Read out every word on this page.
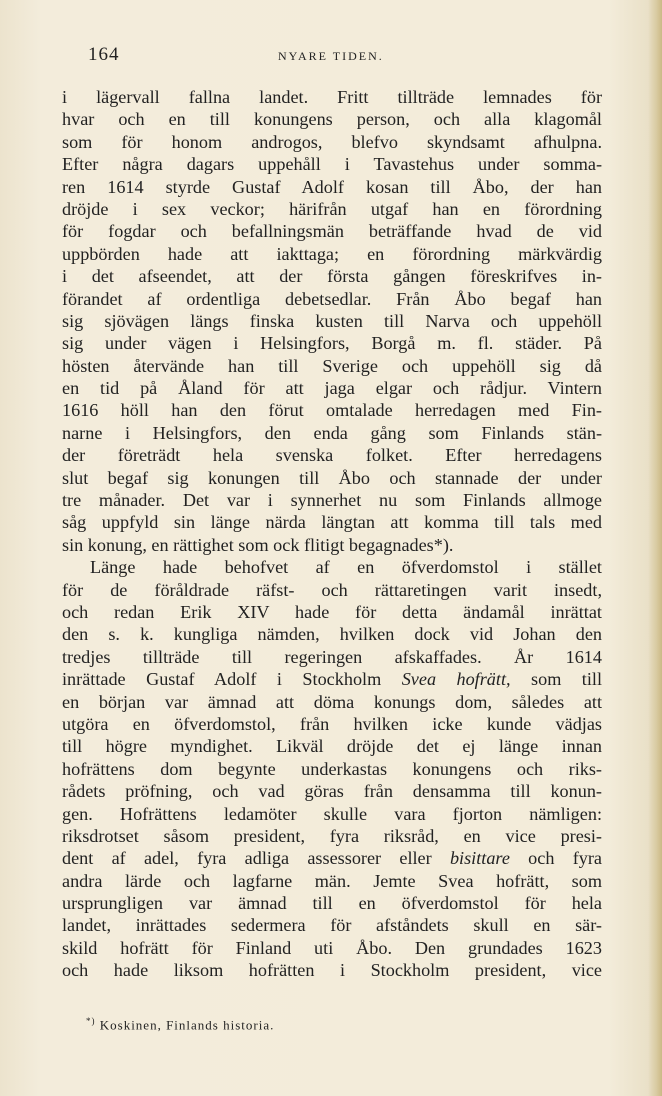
164	NYARE TIDEN.
i lägervall fallna landet. Fritt tillträde lemnades för
hvar och en till konungens person, och alla klagomål
som för honom androgos, blefvo skyndsamt afhulpna.
Efter några dagars uppehåll i Tavastehus under somma-
ren 1614 styrde Gustaf Adolf kosan till Åbo, der han
dröjde i sex veckor; härifrån utgaf han en förordning
för fogdar och befallningsmän beträffande hvad de vid
uppbörden hade att iakttaga; en förordning märkvärdig
i det afseendet, att der första gången föreskrifves in-
förandet af ordentliga debetsedlar. Från Åbo begaf han
sig sjövägen längs finska kusten till Narva och uppehöll
sig under vägen i Helsingfors, Borgå m. fl. städer. På
hösten återvände han till Sverige och uppehöll sig då
en tid på Åland för att jaga elgar och rådjur. Vintern
1616 höll han den förut omtalade herredagen med Fin-
narne i Helsingfors, den enda gång som Finlands stän-
der företrädt hela svenska folket. Efter herredagens
slut begaf sig konungen till Åbo och stannade der under
tre månader. Det var i synnerhet nu som Finlands allmoge
såg uppfyld sin länge närda längtan att komma till tals med
sin konung, en rättighet som ock flitigt begagnades*).
Länge hade behofvet af en öfverdomstol i stället
för de föråldrade räfst- och rättaretingen varit insedt,
och redan Erik XIV hade för detta ändamål inrättat
den s. k. kungliga nämden, hvilken dock vid Johan den
tredjes tillträde till regeringen afskaffades. År 1614
inrättade Gustaf Adolf i Stockholm Svea hofrätt, som till
en början var ämnad att döma konungs dom, således att
utgöra en öfverdomstol, från hvilken icke kunde vädjas
till högre myndighet. Likväl dröjde det ej länge innan
hofrättens dom begynte underkastas konungens och riks-
rådets pröfning, och vad göras från densamma till konun-
gen. Hofrättens ledamöter skulle vara fjorton nämligen:
riksdrotset såsom president, fyra riksråd, en vice presi-
dent af adel, fyra adliga assessorer eller bisittare och fyra
andra lärde och lagfarne män. Jemte Svea hofrätt, som
ursprungligen var ämnad till en öfverdomstol för hela
landet, inrättades sedermera för afståndets skull en sär-
skild hofrätt för Finland uti Åbo. Den grundades 1623
och hade liksom hofrätten i Stockholm president, vice
*) Koskinen, Finlands historia.
